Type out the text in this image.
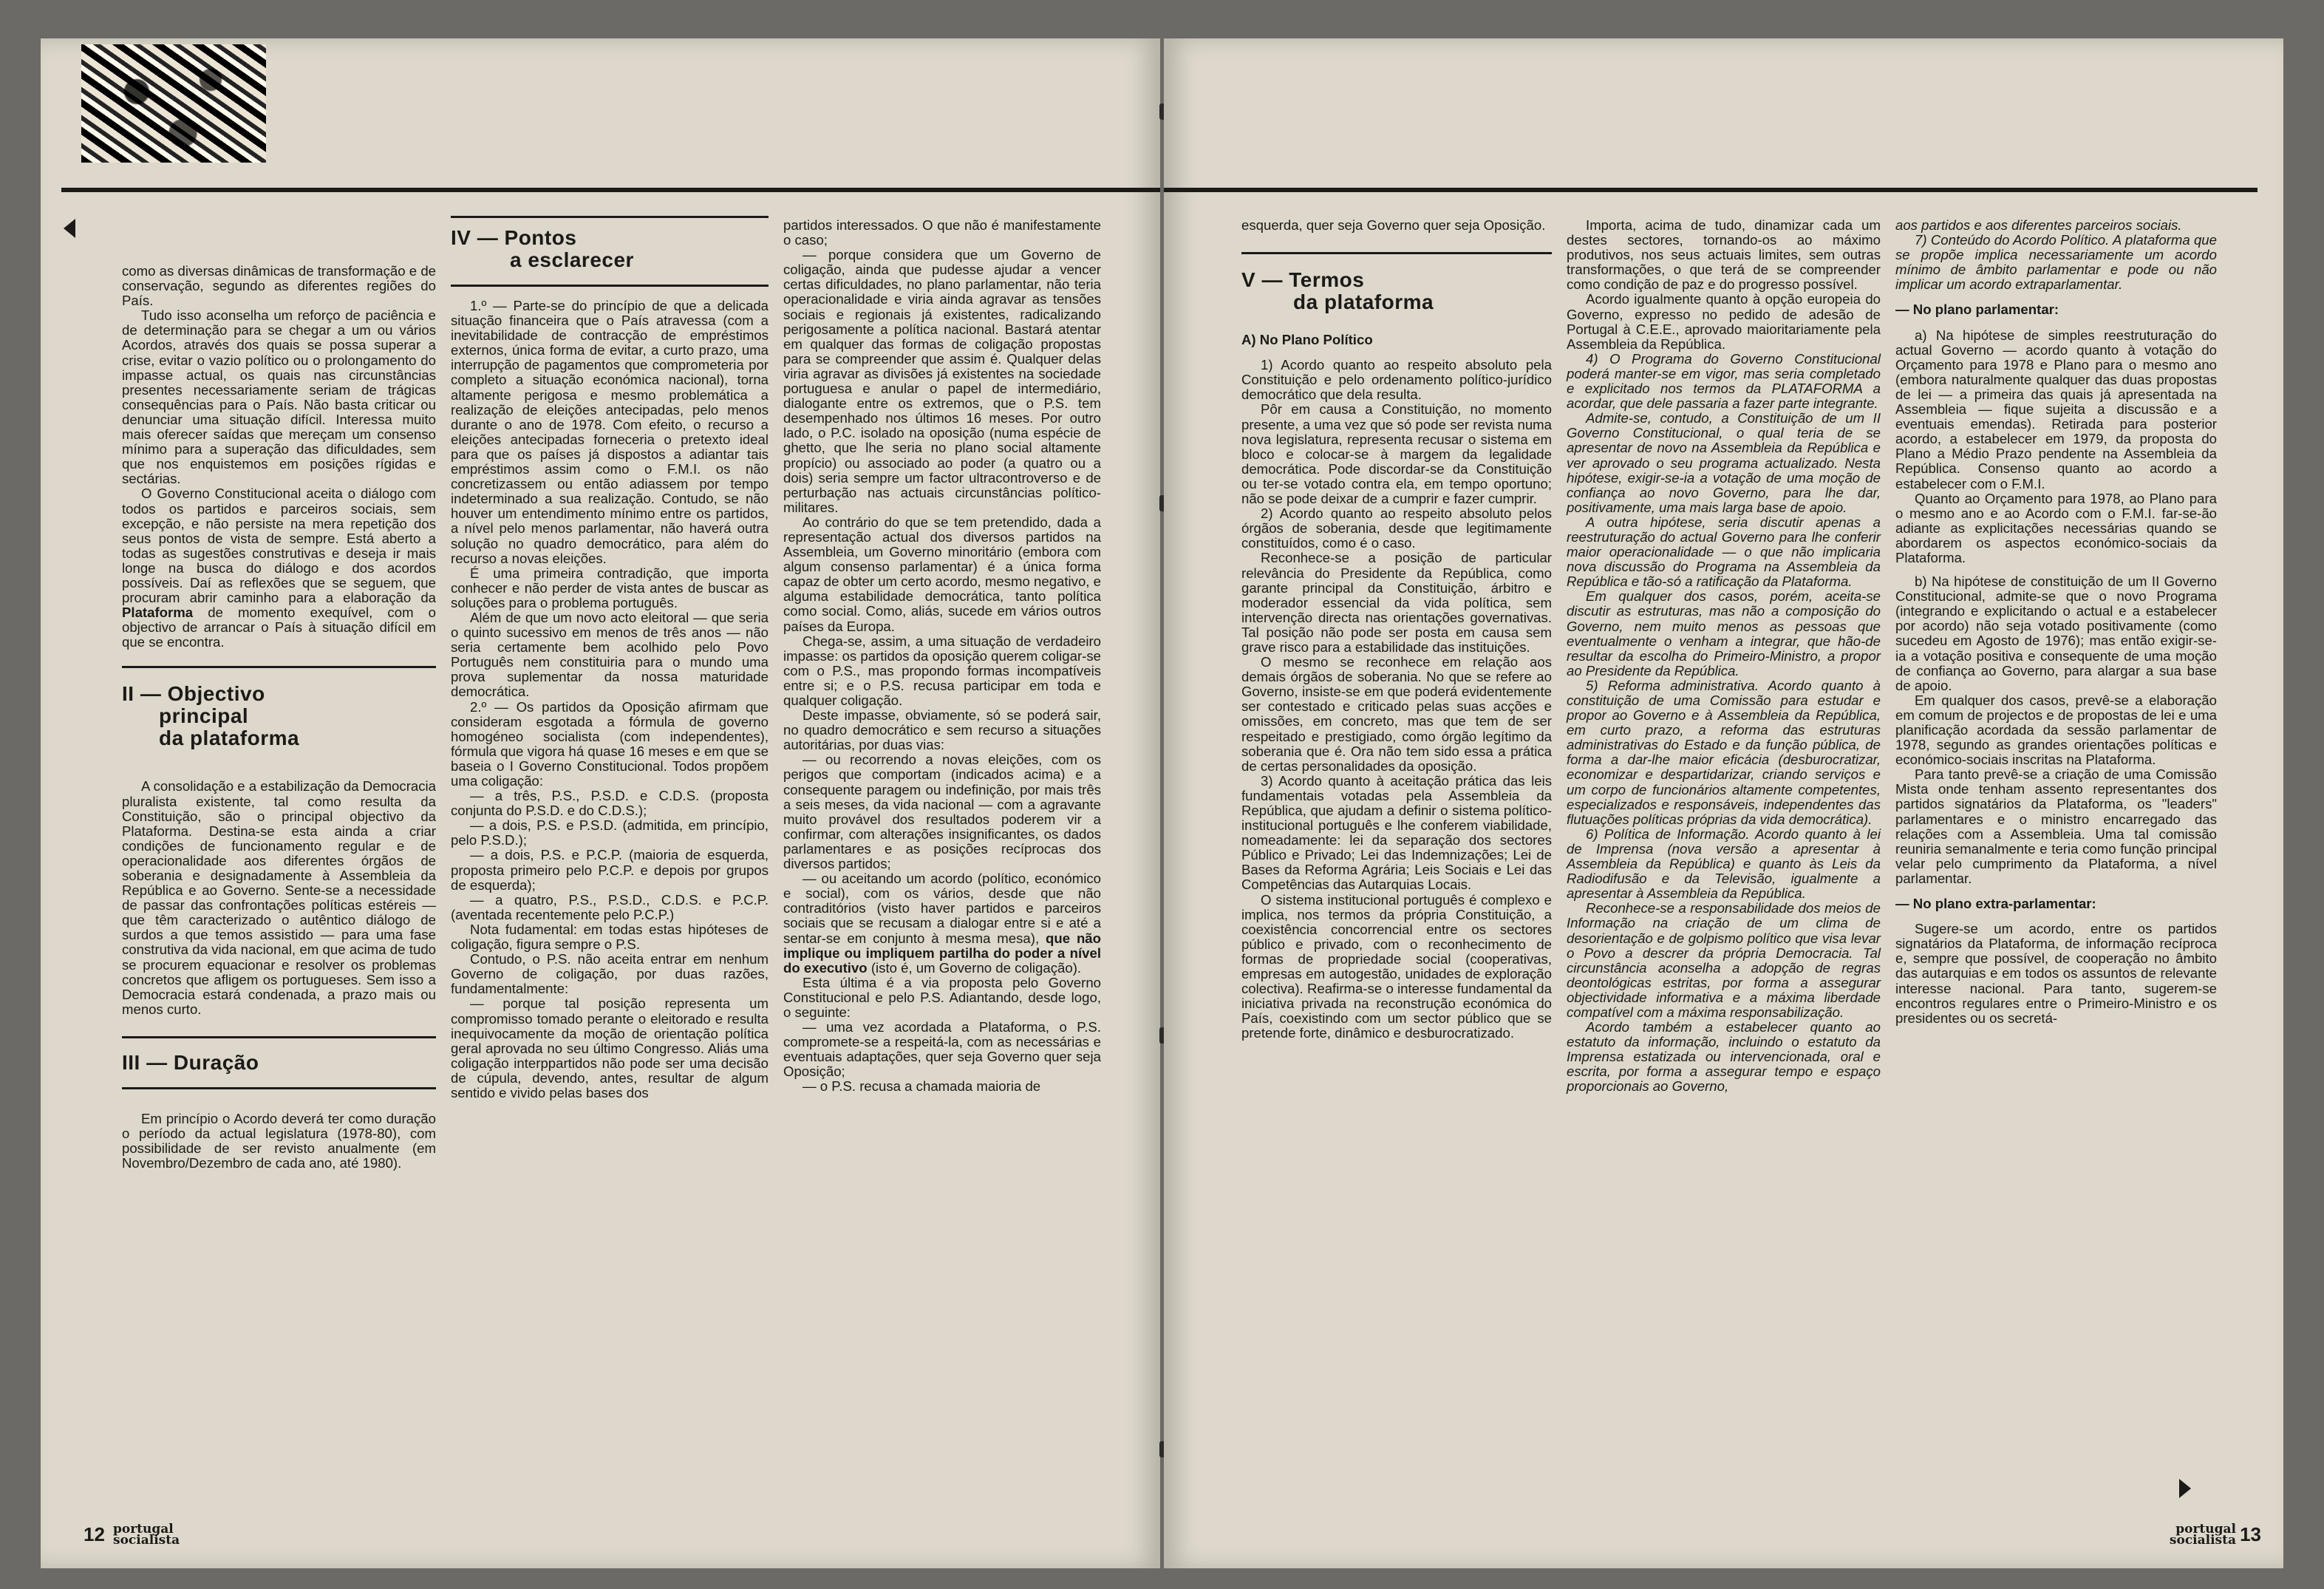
como as diversas dinâmicas de transformação e de conservação, segundo as diferentes regiões do País.

Tudo isso aconselha um reforço de paciência e de determinação para se chegar a um ou vários Acordos, através dos quais se possa superar a crise, evitar o vazio político ou o prolongamento do impasse actual, os quais nas circunstâncias presentes necessariamente seriam de trágicas consequências para o País. Não basta criticar ou denunciar uma situação difícil. Interessa muito mais oferecer saídas que mereçam um consenso mínimo para a superação das dificuldades, sem que nos enquistemos em posições rígidas e sectárias.

O Governo Constitucional aceita o diálogo com todos os partidos e parceiros sociais, sem excepção, e não persiste na mera repetição dos seus pontos de vista de sempre. Está aberto a todas as sugestões construtivas e deseja ir mais longe na busca do diálogo e dos acordos possíveis. Daí as reflexões que se seguem, que procuram abrir caminho para a elaboração da Plataforma de momento exequível, com o objectivo de arrancar o País à situação difícil em que se encontra.

II — Objectivo
principal
da plataforma

A consolidação e a estabilização da Democracia pluralista existente, tal como resulta da Constituição, são o principal objectivo da Plataforma. Destina-se esta ainda a criar condições de funcionamento regular e de operacionalidade aos diferentes órgãos de soberania e designadamente à Assembleia da República e ao Governo. Sente-se a necessidade de passar das confrontações políticas estéreis — que têm caracterizado o autêntico diálogo de surdos a que temos assistido — para uma fase construtiva da vida nacional, em que acima de tudo se procurem equacionar e resolver os problemas concretos que afligem os portugueses. Sem isso a Democracia estará condenada, a prazo mais ou menos curto.

III — Duração

Em princípio o Acordo deverá ter como duração o período da actual legislatura (1978-80), com possibilidade de ser revisto anualmente (em Novembro/Dezembro de cada ano, até 1980).

IV — Pontos
a esclarecer

1.º — Parte-se do princípio de que a delicada situação financeira que o País atravessa (com a inevitabilidade de contracção de empréstimos externos, única forma de evitar, a curto prazo, uma interrupção de pagamentos que comprometeria por completo a situação económica nacional), torna altamente perigosa e mesmo problemática a realização de eleições antecipadas, pelo menos durante o ano de 1978. Com efeito, o recurso a eleições antecipadas forneceria o pretexto ideal para que os países já dispostos a adiantar tais empréstimos assim como o F.M.I. os não concretizassem ou então adiassem por tempo indeterminado a sua realização. Contudo, se não houver um entendimento mínimo entre os partidos, a nível pelo menos parlamentar, não haverá outra solução no quadro democrático, para além do recurso a novas eleições.

É uma primeira contradição, que importa conhecer e não perder de vista antes de buscar as soluções para o problema português.

Além de que um novo acto eleitoral — que seria o quinto sucessivo em menos de três anos — não seria certamente bem acolhido pelo Povo Português nem constituiria para o mundo uma prova suplementar da nossa maturidade democrática.

2.º — Os partidos da Oposição afirmam que consideram esgotada a fórmula de governo homogéneo socialista (com independentes), fórmula que vigora há quase 16 meses e em que se baseia o I Governo Constitucional. Todos propõem uma coligação:

— a três, P.S., P.S.D. e C.D.S. (proposta conjunta do P.S.D. e do C.D.S.);

— a dois, P.S. e P.S.D. (admitida, em princípio, pelo P.S.D.);

— a dois, P.S. e P.C.P. (maioria de esquerda, proposta primeiro pelo P.C.P. e depois por grupos de esquerda);

— a quatro, P.S., P.S.D., C.D.S. e P.C.P. (aventada recentemente pelo P.C.P.)

Nota fudamental: em todas estas hipóteses de coligação, figura sempre o P.S.

Contudo, o P.S. não aceita entrar em nenhum Governo de coligação, por duas razões, fundamentalmente:

— porque tal posição representa um compromisso tomado perante o eleitorado e resulta inequivocamente da moção de orientação política geral aprovada no seu último Congresso. Aliás uma coligação interppartidos não pode ser uma decisão de cúpula, devendo, antes, resultar de algum sentido e vivido pelas bases dos

partidos interessados. O que não é manifestamente o caso;

— porque considera que um Governo de coligação, ainda que pudesse ajudar a vencer certas dificuldades, no plano parlamentar, não teria operacionalidade e viria ainda agravar as tensões sociais e regionais já existentes, radicalizando perigosamente a política nacional. Bastará atentar em qualquer das formas de coligação propostas para se compreender que assim é. Qualquer delas viria agravar as divisões já existentes na sociedade portuguesa e anular o papel de intermediário, dialogante entre os extremos, que o P.S. tem desempenhado nos últimos 16 meses. Por outro lado, o P.C. isolado na oposição (numa espécie de ghetto, que lhe seria no plano social altamente propício) ou associado ao poder (a quatro ou a dois) seria sempre um factor ultracontroverso e de perturbação nas actuais circunstâncias político-militares.

Ao contrário do que se tem pretendido, dada a representação actual dos diversos partidos na Assembleia, um Governo minoritário (embora com algum consenso parlamentar) é a única forma capaz de obter um certo acordo, mesmo negativo, e alguma estabilidade democrática, tanto política como social. Como, aliás, sucede em vários outros países da Europa.

Chega-se, assim, a uma situação de verdadeiro impasse: os partidos da oposição querem coligar-se com o P.S., mas propondo formas incompatíveis entre si; e o P.S. recusa participar em toda e qualquer coligação.

Deste impasse, obviamente, só se poderá sair, no quadro democrático e sem recurso a situações autoritárias, por duas vias:

— ou recorrendo a novas eleições, com os perigos que comportam (indicados acima) e a consequente paragem ou indefinição, por mais três a seis meses, da vida nacional — com a agravante muito provável dos resultados poderem vir a confirmar, com alterações insignificantes, os dados parlamentares e as posições recíprocas dos diversos partidos;

— ou aceitando um acordo (político, económico e social), com os vários, desde que não contraditórios (visto haver partidos e parceiros sociais que se recusam a dialogar entre si e até a sentar-se em conjunto à mesma mesa), que não implique ou impliquem partilha do poder a nível do executivo (isto é, um Governo de coligação).

Esta última é a via proposta pelo Governo Constitucional e pelo P.S. Adiantando, desde logo, o seguinte:

— uma vez acordada a Plataforma, o P.S. compromete-se a respeitá-la, com as necessárias e eventuais adaptações, quer seja Governo quer seja Oposição;

— o P.S. recusa a chamada maioria de

12 portugal
socialista

esquerda, quer seja Governo quer seja Oposição.

V — Termos
da plataforma

A) No Plano Político

1) Acordo quanto ao respeito absoluto pela Constituição e pelo ordenamento político-jurídico democrático que dela resulta.

Pôr em causa a Constituição, no momento presente, a uma vez que só pode ser revista numa nova legislatura, representa recusar o sistema em bloco e colocar-se à margem da legalidade democrática. Pode discordar-se da Constituição ou ter-se votado contra ela, em tempo oportuno; não se pode deixar de a cumprir e fazer cumprir.

2) Acordo quanto ao respeito absoluto pelos órgãos de soberania, desde que legitimamente constituídos, como é o caso.

Reconhece-se a posição de particular relevância do Presidente da República, como garante principal da Constituição, árbitro e moderador essencial da vida política, sem intervenção directa nas orientações governativas. Tal posição não pode ser posta em causa sem grave risco para a estabilidade das instituições.

O mesmo se reconhece em relação aos demais órgãos de soberania. No que se refere ao Governo, insiste-se em que poderá evidentemente ser contestado e criticado pelas suas acções e omissões, em concreto, mas que tem de ser respeitado e prestigiado, como órgão legítimo da soberania que é. Ora não tem sido essa a prática de certas personalidades da oposição.

3) Acordo quanto à aceitação prática das leis fundamentais votadas pela Assembleia da República, que ajudam a definir o sistema político-institucional português e lhe conferem viabilidade, nomeadamente: lei da separação dos sectores Público e Privado; Lei das Indemnizações; Lei de Bases da Reforma Agrária; Leis Sociais e Lei das Competências das Autarquias Locais.

O sistema institucional português é complexo e implica, nos termos da própria Constituição, a coexistência concorrencial entre os sectores público e privado, com o reconhecimento de formas de propriedade social (cooperativas, empresas em autogestão, unidades de exploração colectiva). Reafirma-se o interesse fundamental da iniciativa privada na reconstrução económica do País, coexistindo com um sector público que se pretende forte, dinâmico e desburocratizado.

Importa, acima de tudo, dinamizar cada um destes sectores, tornando-os ao máximo produtivos, nos seus actuais limites, sem outras transformações, o que terá de se compreender como condição de paz e do progresso possível.

Acordo igualmente quanto à opção europeia do Governo, expresso no pedido de adesão de Portugal à C.E.E., aprovado maioritariamente pela Assembleia da República.

4) O Programa do Governo Constitucional poderá manter-se em vigor, mas seria completado e explicitado nos termos da PLATAFORMA a acordar, que dele passaria a fazer parte integrante.

Admite-se, contudo, a Constituição de um II Governo Constitucional, o qual teria de se apresentar de novo na Assembleia da República e ver aprovado o seu programa actualizado. Nesta hipótese, exigir-se-ia a votação de uma moção de confiança ao novo Governo, para lhe dar, positivamente, uma mais larga base de apoio.

A outra hipótese, seria discutir apenas a reestruturação do actual Governo para lhe conferir maior operacionalidade — o que não implicaria nova discussão do Programa na Assembleia da República e tão-só a ratificação da Plataforma.

Em qualquer dos casos, porém, aceita-se discutir as estruturas, mas não a composição do Governo, nem muito menos as pessoas que eventualmente o venham a integrar, que hão-de resultar da escolha do Primeiro-Ministro, a propor ao Presidente da República.

5) Reforma administrativa. Acordo quanto à constituição de uma Comissão para estudar e propor ao Governo e à Assembleia da República, em curto prazo, a reforma das estruturas administrativas do Estado e da função pública, de forma a dar-lhe maior eficácia (desburocratizar, economizar e despartidarizar, criando serviços e um corpo de funcionários altamente competentes, especializados e responsáveis, independentes das flutuações políticas próprias da vida democrática).

6) Política de Informação. Acordo quanto à lei de Imprensa (nova versão a apresentar à Assembleia da República) e quanto às Leis da Radiodifusão e da Televisão, igualmente a apresentar à Assembleia da República.

Reconhece-se a responsabilidade dos meios de Informação na criação de um clima de desorientação e de golpismo político que visa levar o Povo a descrer da própria Democracia. Tal circunstância aconselha a adopção de regras deontológicas estritas, por forma a assegurar objectividade informativa e a máxima liberdade compatível com a máxima responsabilização.

Acordo também a estabelecer quanto ao estatuto da informação, incluindo o estatuto da Imprensa estatizada ou intervencionada, oral e escrita, por forma a assegurar tempo e espaço proporcionais ao Governo,

aos partidos e aos diferentes parceiros sociais.

7) Conteúdo do Acordo Político. A plataforma que se propõe implica necessariamente um acordo mínimo de âmbito parlamentar e pode ou não implicar um acordo extraparlamentar.

— No plano parlamentar:

a) Na hipótese de simples reestruturação do actual Governo — acordo quanto à votação do Orçamento para 1978 e Plano para o mesmo ano (embora naturalmente qualquer das duas propostas de lei — a primeira das quais já apresentada na Assembleia — fique sujeita a discussão e a eventuais emendas). Retirada para posterior acordo, a estabelecer em 1979, da proposta do Plano a Médio Prazo pendente na Assembleia da República. Consenso quanto ao acordo a estabelecer com o F.M.I.

Quanto ao Orçamento para 1978, ao Plano para o mesmo ano e ao Acordo com o F.M.I. far-se-ão adiante as explicitações necessárias quando se abordarem os aspectos económico-sociais da Plataforma.

b) Na hipótese de constituição de um II Governo Constitucional, admite-se que o novo Programa (integrando e explicitando o actual e a estabelecer por acordo) não seja votado positivamente (como sucedeu em Agosto de 1976); mas então exigir-se-ia a votação positiva e consequente de uma moção de confiança ao Governo, para alargar a sua base de apoio.

Em qualquer dos casos, prevê-se a elaboração em comum de projectos e de propostas de lei e uma planificação acordada da sessão parlamentar de 1978, segundo as grandes orientações políticas e económico-sociais inscritas na Plataforma.

Para tanto prevê-se a criação de uma Comissão Mista onde tenham assento representantes dos partidos signatários da Plataforma, os "leaders" parlamentares e o ministro encarregado das relações com a Assembleia. Uma tal comissão reuniria semanalmente e teria como função principal velar pelo cumprimento da Plataforma, a nível parlamentar.

— No plano extra-parlamentar:

Sugere-se um acordo, entre os partidos signatários da Plataforma, de informação recíproca e, sempre que possível, de cooperação no âmbito das autarquias e em todos os assuntos de relevante interesse nacional. Para tanto, sugerem-se encontros regulares entre o Primeiro-Ministro e os presidentes ou os secretá-

portugal
socialista 13
